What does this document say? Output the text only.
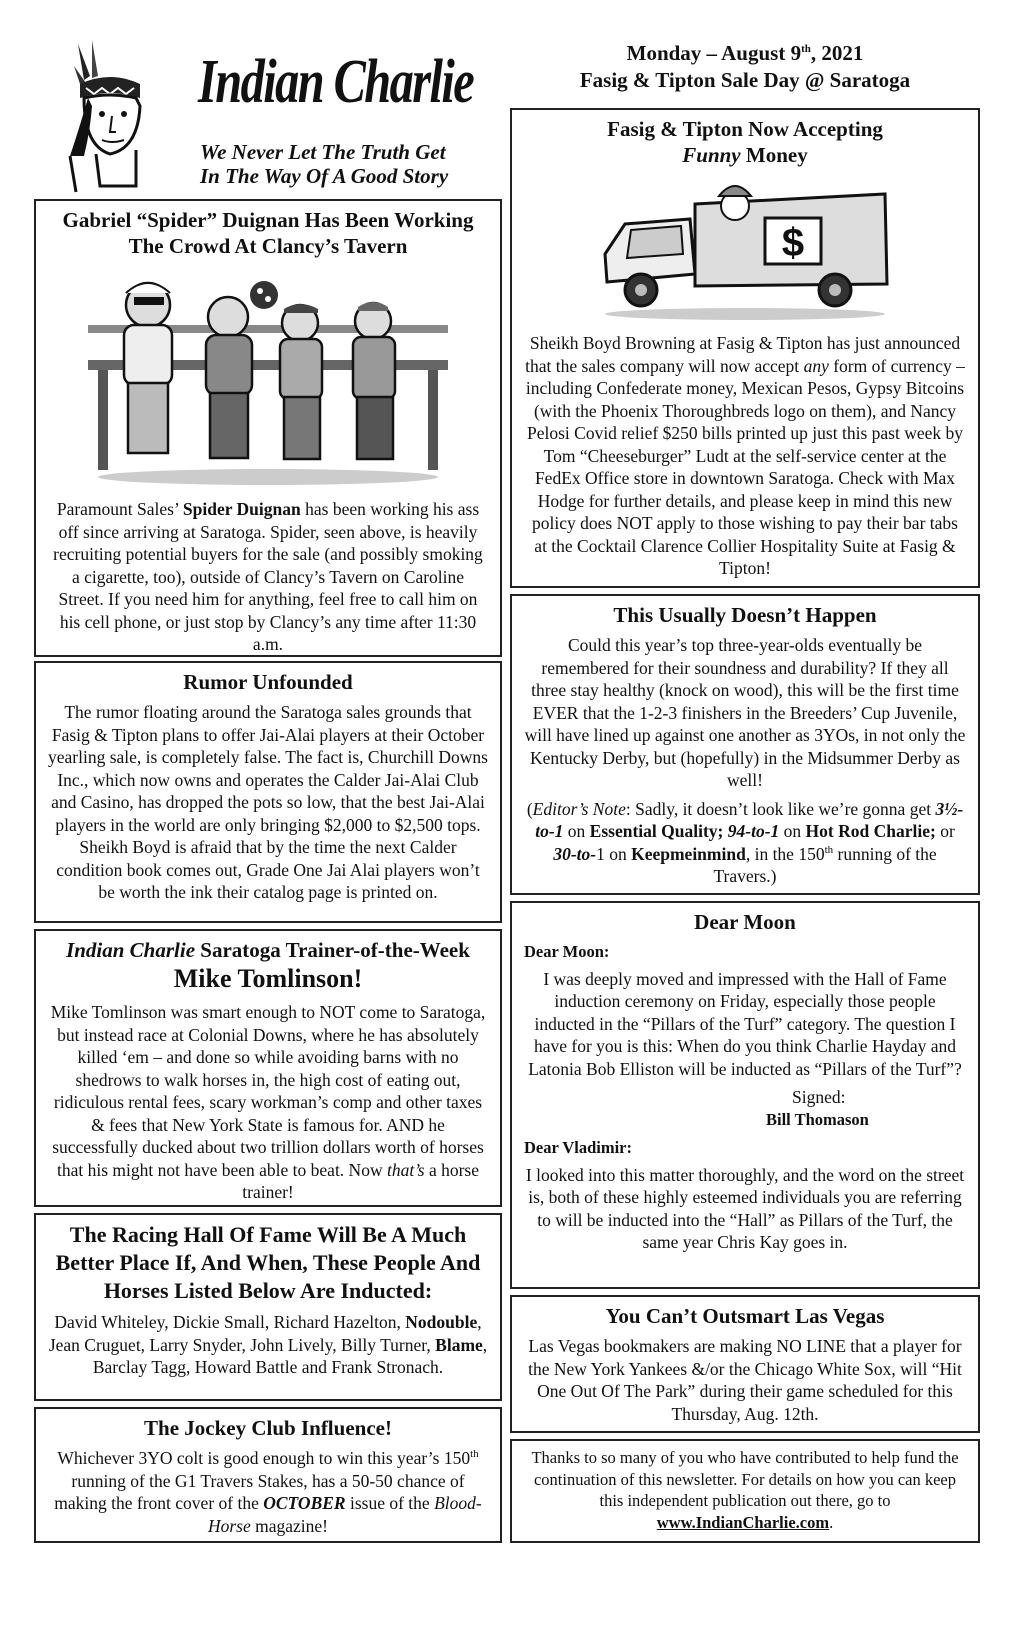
Indian Charlie
We Never Let The Truth Get
In The Way Of A Good Story
Monday – August 9th, 2021
Fasig & Tipton Sale Day @ Saratoga
Gabriel “Spider” Duignan Has Been Working
The Crowd At Clancy’s Tavern

Paramount Sales’ Spider Duignan has been working his ass off since arriving at Saratoga. Spider, seen above, is heavily recruiting potential buyers for the sale (and possibly smoking a cigarette, too), outside of Clancy’s Tavern on Caroline Street. If you need him for anything, feel free to call him on his cell phone, or just stop by Clancy’s any time after 11:30 a.m.

Rumor Unfounded

The rumor floating around the Saratoga sales grounds that Fasig & Tipton plans to offer Jai-Alai players at their October yearling sale, is completely false. The fact is, Churchill Downs Inc., which now owns and operates the Calder Jai-Alai Club and Casino, has dropped the pots so low, that the best Jai-Alai players in the world are only bringing $2,000 to $2,500 tops. Sheikh Boyd is afraid that by the time the next Calder condition book comes out, Grade One Jai Alai players won’t be worth the ink their catalog page is printed on.

Indian Charlie Saratoga Trainer-of-the-Week
Mike Tomlinson!

Mike Tomlinson was smart enough to NOT come to Saratoga, but instead race at Colonial Downs, where he has absolutely killed ‘em – and done so while avoiding barns with no shedrows to walk horses in, the high cost of eating out, ridiculous rental fees, scary workman’s comp and other taxes & fees that New York State is famous for. AND he successfully ducked about two trillion dollars worth of horses that his might not have been able to beat. Now that’s a horse trainer!

The Racing Hall Of Fame Will Be A Much Better Place If, And When, These People And Horses Listed Below Are Inducted:

David Whiteley, Dickie Small, Richard Hazelton, Nodouble, Jean Cruguet, Larry Snyder, John Lively, Billy Turner, Blame, Barclay Tagg, Howard Battle and Frank Stronach.

The Jockey Club Influence!

Whichever 3YO colt is good enough to win this year’s 150th running of the G1 Travers Stakes, has a 50-50 chance of making the front cover of the OCTOBER issue of the Blood-Horse magazine!

Fasig & Tipton Now Accepting
Funny Money
$

Sheikh Boyd Browning at Fasig & Tipton has just announced that the sales company will now accept any form of currency – including Confederate money, Mexican Pesos, Gypsy Bitcoins (with the Phoenix Thoroughbreds logo on them), and Nancy Pelosi Covid relief $250 bills printed up just this past week by Tom “Cheeseburger” Ludt at the self-service center at the FedEx Office store in downtown Saratoga. Check with Max Hodge for further details, and please keep in mind this new policy does NOT apply to those wishing to pay their bar tabs at the Cocktail Clarence Collier Hospitality Suite at Fasig & Tipton!

This Usually Doesn’t Happen

Could this year’s top three-year-olds eventually be remembered for their soundness and durability? If they all three stay healthy (knock on wood), this will be the first time EVER that the 1-2-3 finishers in the Breeders’ Cup Juvenile, will have lined up against one another as 3YOs, in not only the Kentucky Derby, but (hopefully) in the Midsummer Derby as well!

(Editor’s Note: Sadly, it doesn’t look like we’re gonna get 3½-to-1 on Essential Quality; 94-to-1 on Hot Rod Charlie; or 30-to-1 on Keepmeinmind, in the 150th running of the Travers.)

Dear Moon

Dear Moon:

I was deeply moved and impressed with the Hall of Fame induction ceremony on Friday, especially those people inducted in the “Pillars of the Turf” category. The question I have for you is this: When do you think Charlie Hayday and Latonia Bob Elliston will be inducted as “Pillars of the Turf”?

Signed:

Bill Thomason

Dear Vladimir:

I looked into this matter thoroughly, and the word on the street is, both of these highly esteemed individuals you are referring to will be inducted into the “Hall” as Pillars of the Turf, the same year Chris Kay goes in.

You Can’t Outsmart Las Vegas

Las Vegas bookmakers are making NO LINE that a player for the New York Yankees &/or the Chicago White Sox, will “Hit One Out Of The Park” during their game scheduled for this Thursday, Aug. 12th.

Thanks to so many of you who have contributed to help fund the continuation of this newsletter. For details on how you can keep this independent publication out there, go to www.IndianCharlie.com.
